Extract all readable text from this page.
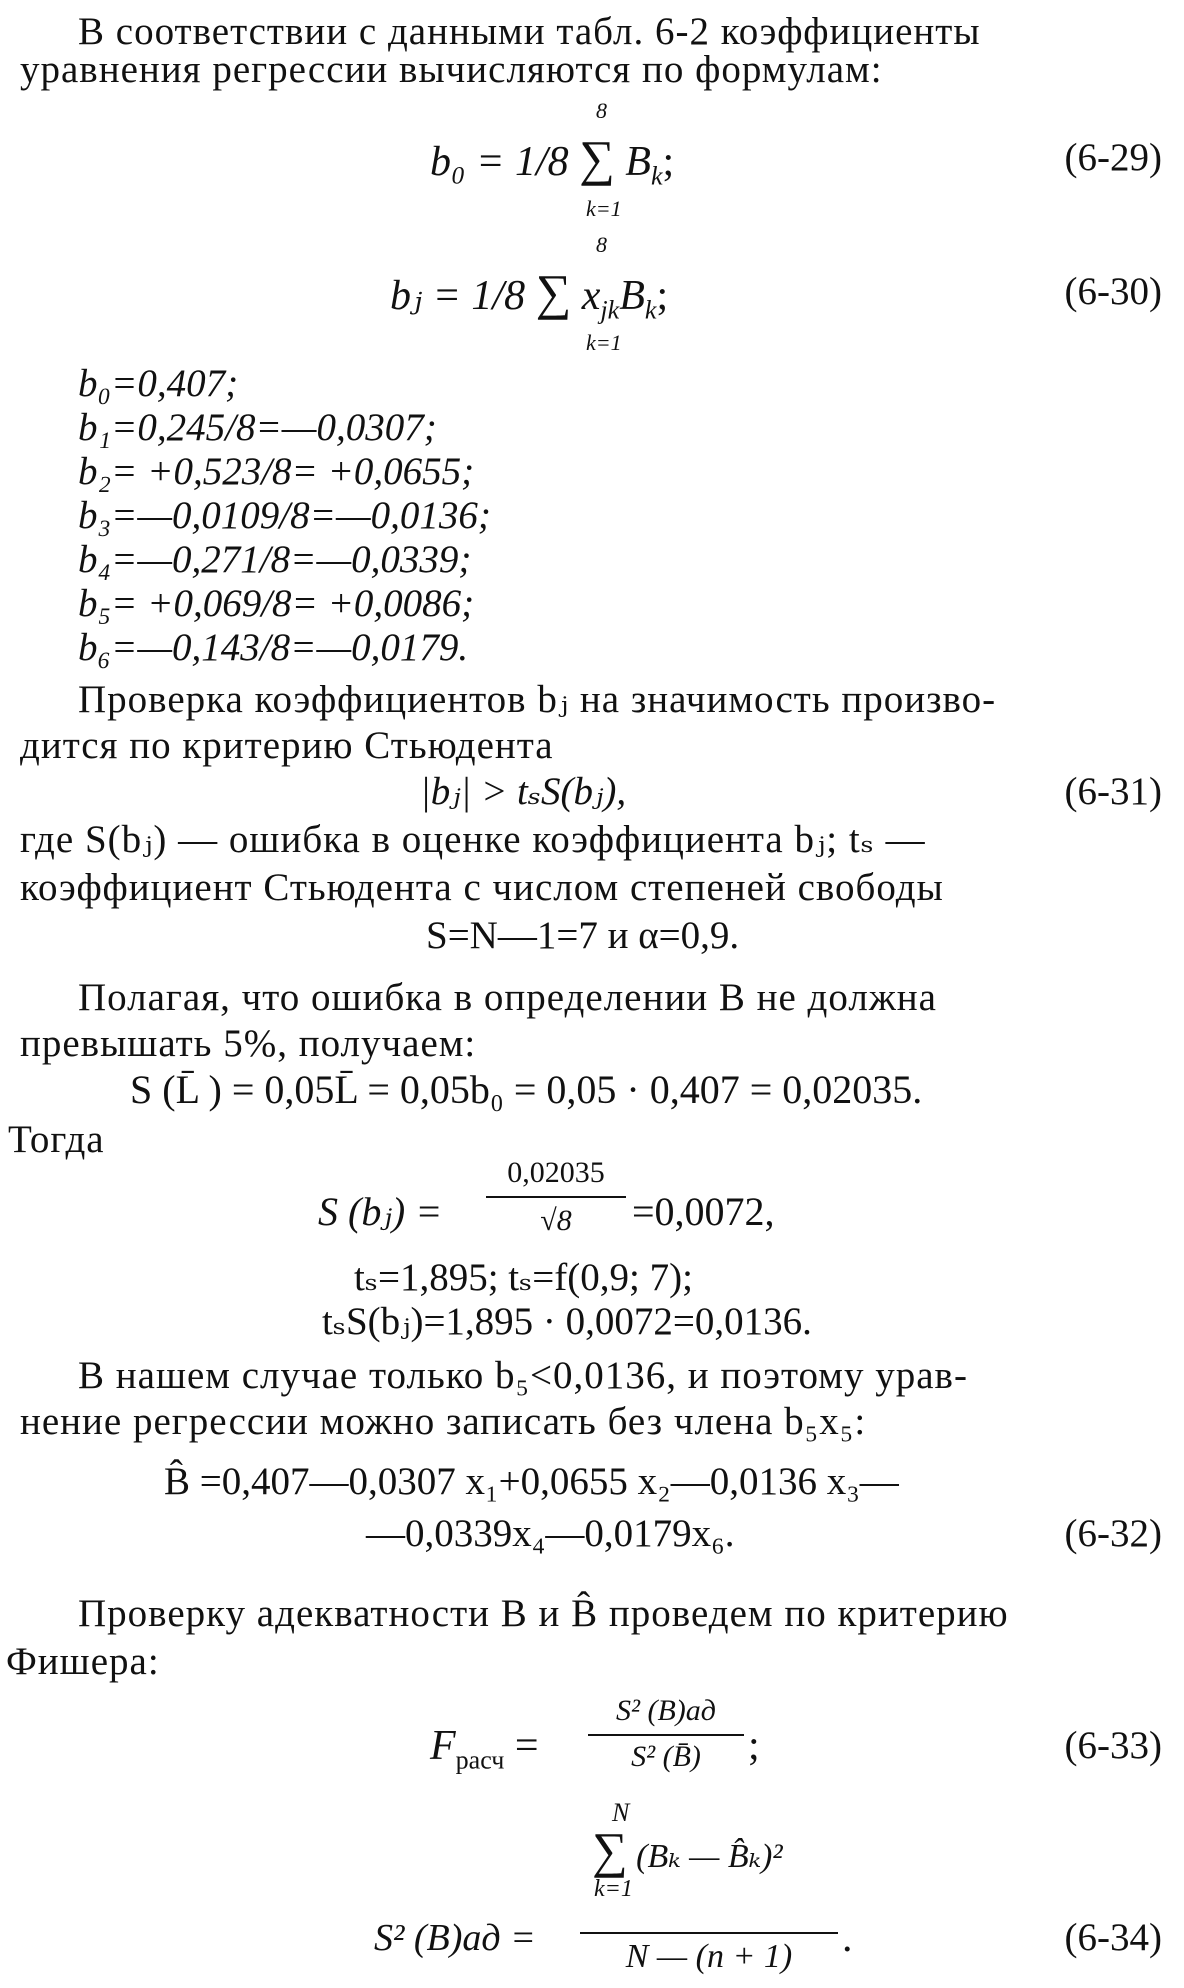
В соответствии с данными табл. 6-2 коэффициенты
уравнения регрессии вычисляются по формулам:
8
b₀ = 1/8 ∑ $B_k$;
k=1
(6-29)
8
bⱼ = 1/8 ∑ $x_{jk}B_k$;
k=1
(6-30)
b₀=0,407;
b₁=0,245/8=—0,0307;
b₂= +0,523/8= +0,0655;
b₃=—0,0109/8=—0,0136;
b₄=—0,271/8=—0,0339;
b₅= +0,069/8= +0,0086;
b₆=—0,143/8=—0,0179.
Проверка коэффициентов bⱼ на значимость произво-
дится по критерию Стьюдента
|bⱼ| > tₛS(bⱼ),	(6-31)
где S(bⱼ) — ошибка в оценке коэффициента bⱼ; tₛ —
коэффициент Стьюдента с числом степеней свободы
S=N—1=7 и α=0,9.
Полагая, что ошибка в определении B не должна
превышать 5%, получаем:
S (L̄ ) = 0,05L̄ = 0,05b₀ = 0,05 · 0,407 = 0,02035.
Тогда
S (bⱼ) =
0,02035
√8	=0,0072,
tₛ=1,895; tₛ=f(0,9; 7);
tₛS(bⱼ)=1,895 · 0,0072=0,0136.
В нашем случае только b₅<0,0136, и поэтому урав-
нение регрессии можно записать без члена b₅x₅:
B̂ =0,407—0,0307 x₁+0,0655 x₂—0,0136 x₃—
—0,0339x₄—0,0179x₆.	(6-32)
Проверку адекватности B и B̂ проведем по критерию
Фишера:
$F_{расч}$ =
S² (B)ад
S² (B̄)	;	(6-33)
N
∑ (Bₖ — B̂ₖ)²
k=1
S² (B)ад =	N — (n + 1)	.	(6-34)
